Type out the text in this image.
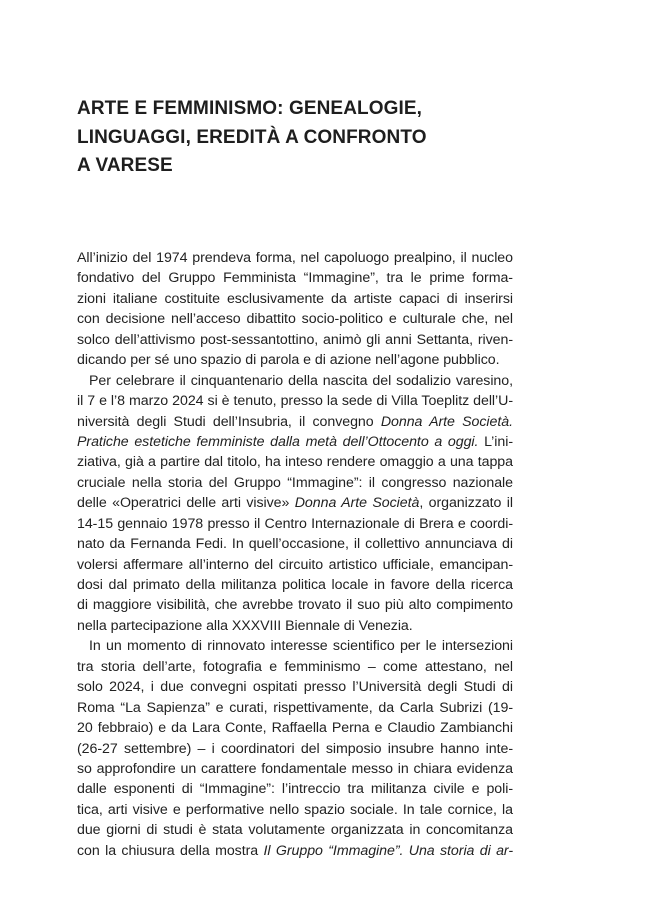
ARTE E FEMMINISMO: GENEALOGIE,
LINGUAGGI, EREDITÀ A CONFRONTO
A VARESE
All’inizio del 1974 prendeva forma, nel capoluogo prealpino, il nucleo
fondativo del Gruppo Femminista “Immagine”, tra le prime forma-
zioni italiane costituite esclusivamente da artiste capaci di inserirsi
con decisione nell’acceso dibattito socio-politico e culturale che, nel
solco dell’attivismo post-sessantottino, animò gli anni Settanta, riven-
dicando per sé uno spazio di parola e di azione nell’agone pubblico.
Per celebrare il cinquantenario della nascita del sodalizio varesino,
il 7 e l’8 marzo 2024 si è tenuto, presso la sede di Villa Toeplitz dell’U-
niversità degli Studi dell’Insubria, il convegno Donna Arte Società.
Pratiche estetiche femministe dalla metà dell’Ottocento a oggi. L’ini-
ziativa, già a partire dal titolo, ha inteso rendere omaggio a una tappa
cruciale nella storia del Gruppo “Immagine”: il congresso nazionale
delle «Operatrici delle arti visive» Donna Arte Società, organizzato il
14-15 gennaio 1978 presso il Centro Internazionale di Brera e coordi-
nato da Fernanda Fedi. In quell’occasione, il collettivo annunciava di
volersi affermare all’interno del circuito artistico ufficiale, emancipan-
dosi dal primato della militanza politica locale in favore della ricerca
di maggiore visibilità, che avrebbe trovato il suo più alto compimento
nella partecipazione alla XXXVIII Biennale di Venezia.
In un momento di rinnovato interesse scientifico per le intersezioni
tra storia dell’arte, fotografia e femminismo – come attestano, nel
solo 2024, i due convegni ospitati presso l’Università degli Studi di
Roma “La Sapienza” e curati, rispettivamente, da Carla Subrizi (19-
20 febbraio) e da Lara Conte, Raffaella Perna e Claudio Zambianchi
(26-27 settembre) – i coordinatori del simposio insubre hanno inte-
so approfondire un carattere fondamentale messo in chiara evidenza
dalle esponenti di “Immagine”: l’intreccio tra militanza civile e poli-
tica, arti visive e performative nello spazio sociale. In tale cornice, la
due giorni di studi è stata volutamente organizzata in concomitanza
con la chiusura della mostra Il Gruppo “Immagine”. Una storia di ar-
